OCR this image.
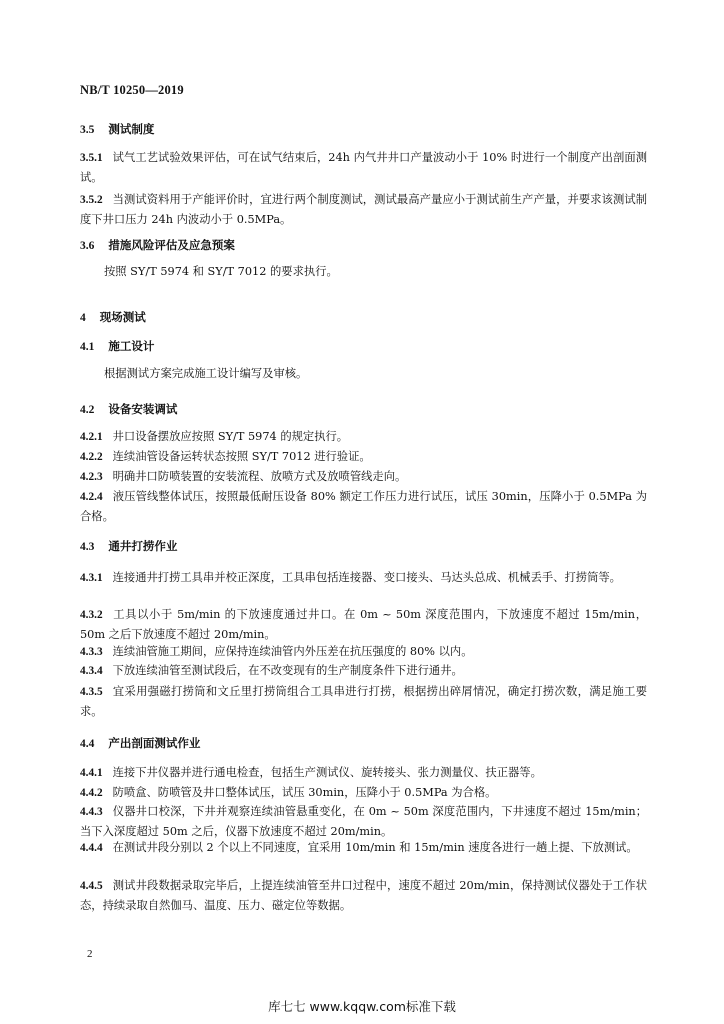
NB/T 10250—2019
3.5 测试制度
3.5.1 试气工艺试验效果评估，可在试气结束后，24h 内气井井口产量波动小于 10% 时进行一个制度产出剖面测试。
3.5.2 当测试资料用于产能评价时，宜进行两个制度测试，测试最高产量应小于测试前生产产量，并要求该测试制度下井口压力 24h 内波动小于 0.5MPa。
3.6 措施风险评估及应急预案
按照 SY/T 5974 和 SY/T 7012 的要求执行。
4 现场测试
4.1 施工设计
根据测试方案完成施工设计编写及审核。
4.2 设备安装调试
4.2.1 井口设备摆放应按照 SY/T 5974 的规定执行。
4.2.2 连续油管设备运转状态按照 SY/T 7012 进行验证。
4.2.3 明确井口防喷装置的安装流程、放喷方式及放喷管线走向。
4.2.4 液压管线整体试压，按照最低耐压设备 80% 额定工作压力进行试压，试压 30min，压降小于 0.5MPa 为合格。
4.3 通井打捞作业
4.3.1 连接通井打捞工具串并校正深度，工具串包括连接器、变口接头、马达头总成、机械丢手、打捞筒等。
4.3.2 工具以小于 5m/min 的下放速度通过井口。在 0m ~ 50m 深度范围内，下放速度不超过 15m/min，50m 之后下放速度不超过 20m/min。
4.3.3 连续油管施工期间，应保持连续油管内外压差在抗压强度的 80% 以内。
4.3.4 下放连续油管至测试段后，在不改变现有的生产制度条件下进行通井。
4.3.5 宜采用强磁打捞筒和文丘里打捞筒组合工具串进行打捞，根据捞出碎屑情况，确定打捞次数，满足施工要求。
4.4 产出剖面测试作业
4.4.1 连接下井仪器并进行通电检查，包括生产测试仪、旋转接头、张力测量仪、扶正器等。
4.4.2 防喷盒、防喷管及井口整体试压，试压 30min，压降小于 0.5MPa 为合格。
4.4.3 仪器井口校深，下井并观察连续油管悬重变化，在 0m ~ 50m 深度范围内，下井速度不超过 15m/min；当下入深度超过 50m 之后，仪器下放速度不超过 20m/min。
4.4.4 在测试井段分别以 2 个以上不同速度，宜采用 10m/min 和 15m/min 速度各进行一趟上提、下放测试。
4.4.5 测试井段数据录取完毕后，上提连续油管至井口过程中，速度不超过 20m/min，保持测试仪器处于工作状态，持续录取自然伽马、温度、压力、磁定位等数据。
2
库七七 www.kqqw.com标准下载
